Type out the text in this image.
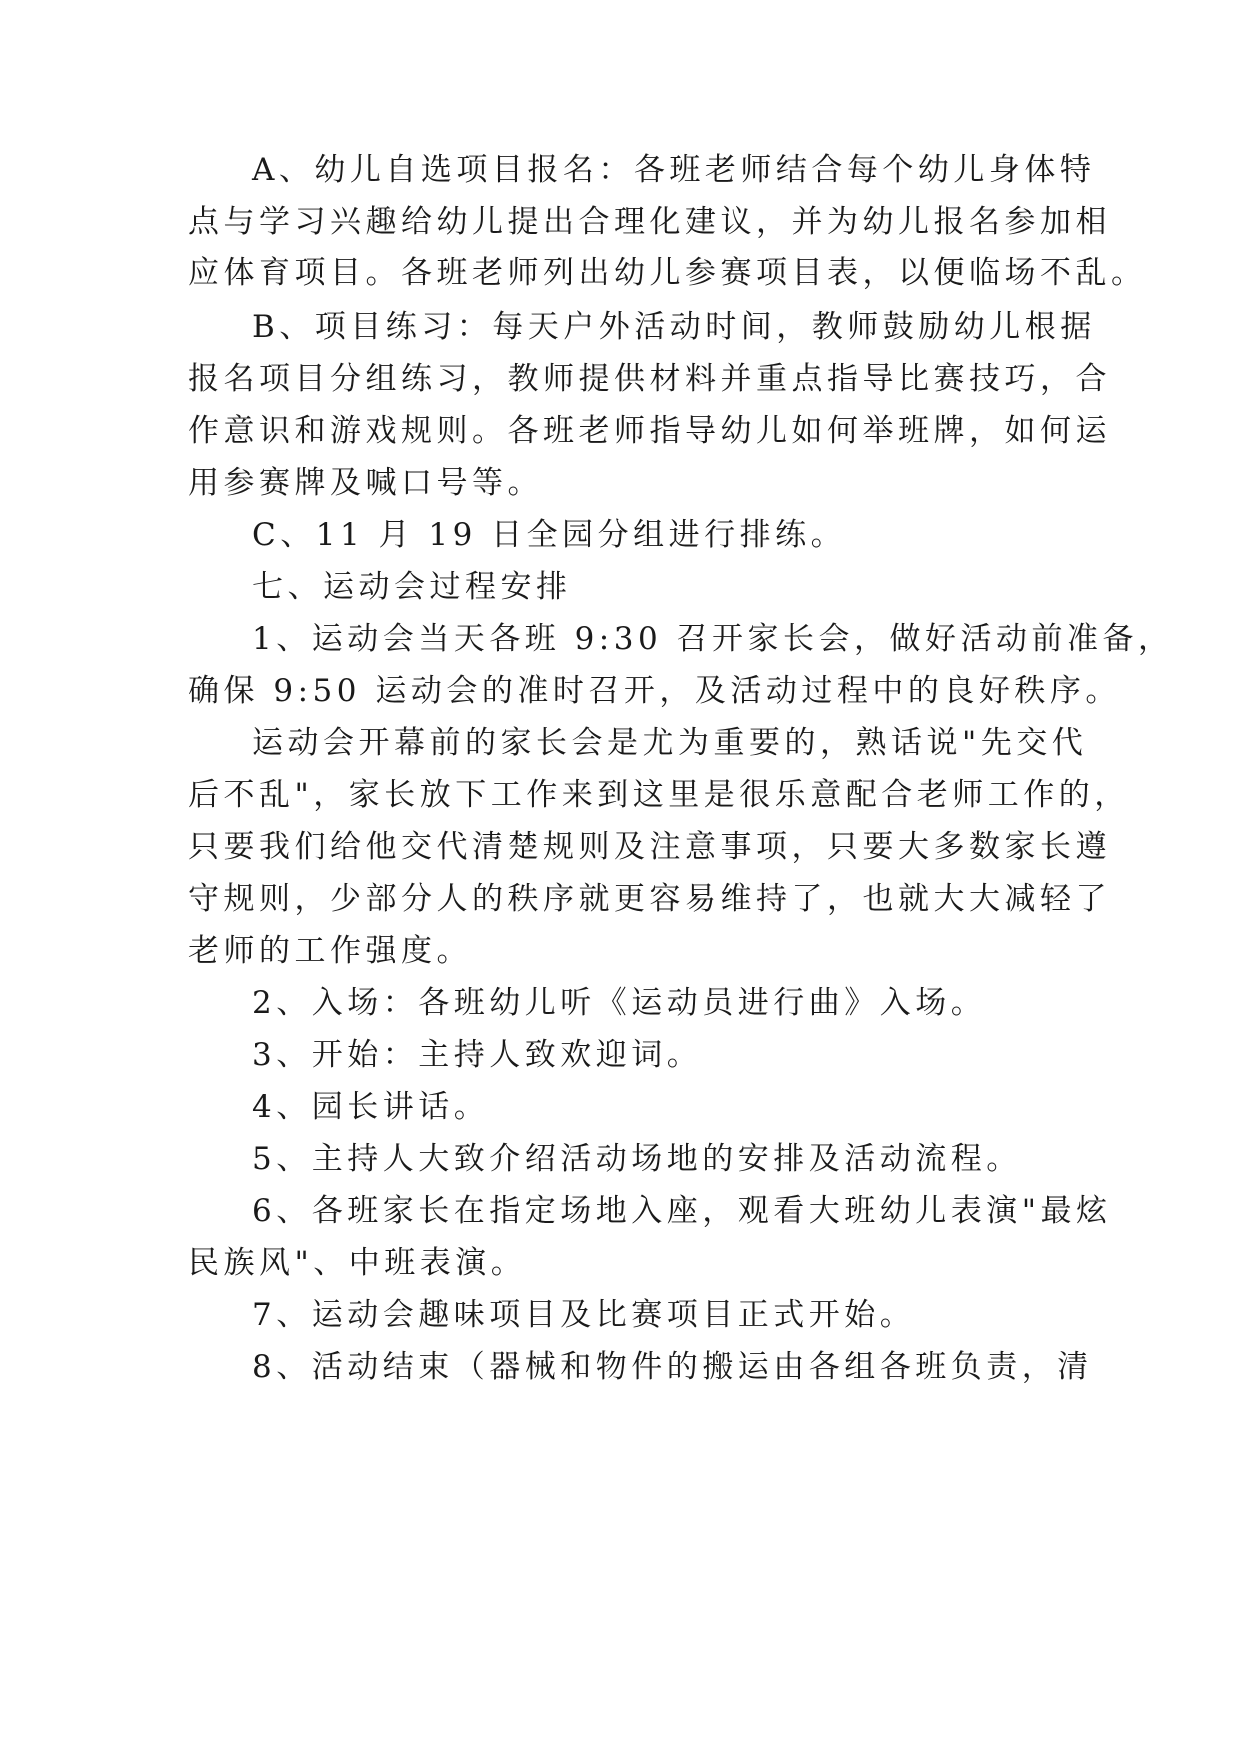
A、幼儿自选项目报名：各班老师结合每个幼儿身体特
点与学习兴趣给幼儿提出合理化建议，并为幼儿报名参加相
应体育项目。各班老师列出幼儿参赛项目表，以便临场不乱。
B、项目练习：每天户外活动时间，教师鼓励幼儿根据
报名项目分组练习，教师提供材料并重点指导比赛技巧，合
作意识和游戏规则。各班老师指导幼儿如何举班牌，如何运
用参赛牌及喊口号等。
C、11 月 19 日全园分组进行排练。
七、运动会过程安排
1、运动会当天各班 9:30 召开家长会，做好活动前准备，
确保 9:50 运动会的准时召开，及活动过程中的良好秩序。
运动会开幕前的家长会是尤为重要的，熟话说"先交代
后不乱"，家长放下工作来到这里是很乐意配合老师工作的，
只要我们给他交代清楚规则及注意事项，只要大多数家长遵
守规则，少部分人的秩序就更容易维持了，也就大大减轻了
老师的工作强度。
2、入场：各班幼儿听《运动员进行曲》入场。
3、开始：主持人致欢迎词。
4、园长讲话。
5、主持人大致介绍活动场地的安排及活动流程。
6、各班家长在指定场地入座，观看大班幼儿表演"最炫
民族风"、中班表演。
7、运动会趣味项目及比赛项目正式开始。
8、活动结束（器械和物件的搬运由各组各班负责，清
